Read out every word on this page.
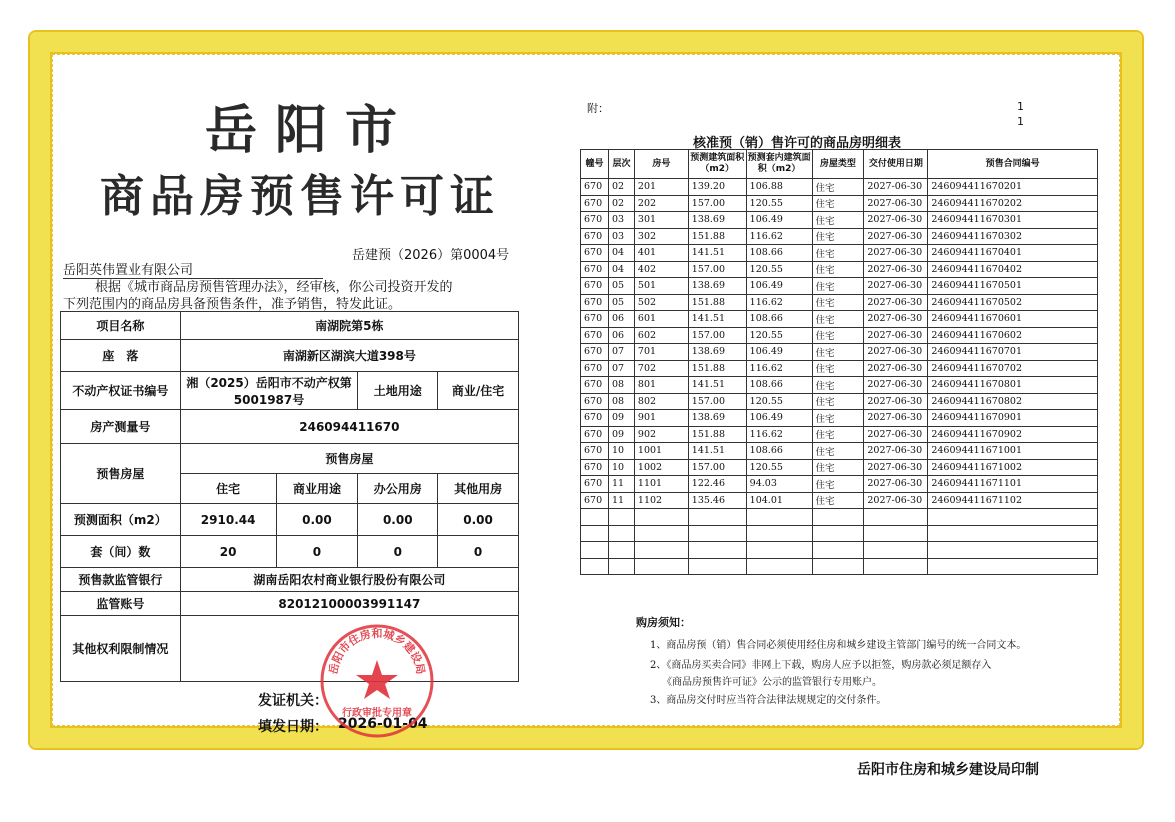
岳阳市
商品房预售许可证
岳建预（2026）第0004号
岳阳英伟置业有限公司
根据《城市商品房预售管理办法》，经审核，你公司投资开发的
下列范围内的商品房具备预售条件，准予销售，特发此证。
项目名称	南湖院第5栋			
座　落	南湖新区湖滨大道398号			
不动产权证书编号	湘（2025）岳阳市不动产权第5001987号		土地用途	商业/住宅
房产测量号	246094411670			
预售房屋	预售房屋			
	住宅	商业用途	办公用房	其他用房
预测面积（m2）	2910.44	0.00	0.00	0.00
套（间）数	20	0	0	0
预售款监管银行	湖南岳阳农村商业银行股份有限公司			
监管账号	82012100003991147			
其他权利限制情况				
发证机关：
填发日期： 2026-01-04
岳阳市住房和城乡建设局
行政审批专用章
附：	1
1
核准预（销）售许可的商品房明细表
幢号	层次	房号	预测建筑面积（m2）	预测套内建筑面积（m2）	房屋类型	交付使用日期	预售合同编号
670	02	201	139.20	106.88	住宅	2027-06-30	246094411670201
670	02	202	157.00	120.55	住宅	2027-06-30	246094411670202
670	03	301	138.69	106.49	住宅	2027-06-30	246094411670301
670	03	302	151.88	116.62	住宅	2027-06-30	246094411670302
670	04	401	141.51	108.66	住宅	2027-06-30	246094411670401
670	04	402	157.00	120.55	住宅	2027-06-30	246094411670402
670	05	501	138.69	106.49	住宅	2027-06-30	246094411670501
670	05	502	151.88	116.62	住宅	2027-06-30	246094411670502
670	06	601	141.51	108.66	住宅	2027-06-30	246094411670601
670	06	602	157.00	120.55	住宅	2027-06-30	246094411670602
670	07	701	138.69	106.49	住宅	2027-06-30	246094411670701
670	07	702	151.88	116.62	住宅	2027-06-30	246094411670702
670	08	801	141.51	108.66	住宅	2027-06-30	246094411670801
670	08	802	157.00	120.55	住宅	2027-06-30	246094411670802
670	09	901	138.69	106.49	住宅	2027-06-30	246094411670901
670	09	902	151.88	116.62	住宅	2027-06-30	246094411670902
670	10	1001	141.51	108.66	住宅	2027-06-30	246094411671001
670	10	1002	157.00	120.55	住宅	2027-06-30	246094411671002
670	11	1101	122.46	94.03	住宅	2027-06-30	246094411671101
670	11	1102	135.46	104.01	住宅	2027-06-30	246094411671102

购房须知：
1、商品房预（销）售合同必须使用经住房和城乡建设主管部门编号的统一合同文本。
2、《商品房买卖合同》非网上下载，购房人应予以拒签，购房款必须足额存入
《商品房预售许可证》公示的监管银行专用账户。
3、商品房交付时应当符合法律法规规定的交付条件。
岳阳市住房和城乡建设局印制
